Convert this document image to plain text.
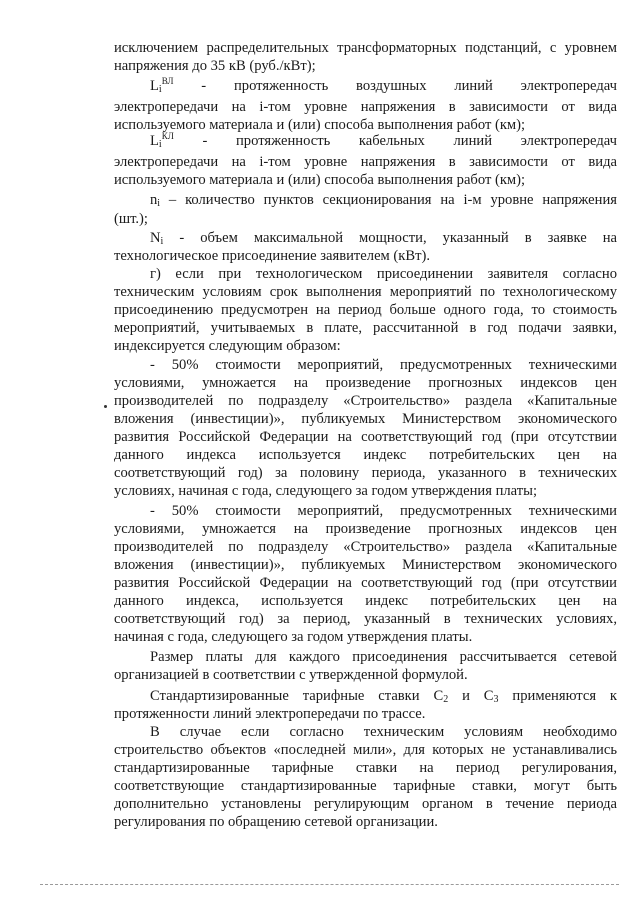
исключением распределительных трансформаторных подстанций, с уровнем
напряжения до 35 кВ (руб./кВт);
$Li^{ВЛ}$ - протяженность воздушных линий электропередач
электропередачи на i-том уровне напряжения в зависимости от вида
используемого материала и (или) способа выполнения работ (км);
$Li^{КЛ}$ - протяженность кабельных линий электропередач
электропередачи на i-том уровне напряжения в зависимости от вида
используемого материала и (или) способа выполнения работ (км);
ni – количество пунктов секционирования на i-м уровне напряжения
(шт.);
Ni - объем максимальной мощности, указанный в заявке на
технологическое присоединение заявителем (кВт).
г) если при технологическом присоединении заявителя согласно
техническим условиям срок выполнения мероприятий по технологическому
присоединению предусмотрен на период больше одного года, то стоимость
мероприятий, учитываемых в плате, рассчитанной в год подачи заявки,
индексируется следующим образом:
- 50% стоимости мероприятий, предусмотренных техническими
условиями, умножается на произведение прогнозных индексов цен
производителей по подразделу «Строительство» раздела «Капитальные
вложения (инвестиции)», публикуемых Министерством экономического
развития Российской Федерации на соответствующий год (при отсутствии
данного индекса используется индекс потребительских цен на
соответствующий год) за половину периода, указанного в технических
условиях, начиная с года, следующего за годом утверждения платы;
- 50% стоимости мероприятий, предусмотренных техническими
условиями, умножается на произведение прогнозных индексов цен
производителей по подразделу «Строительство» раздела «Капитальные
вложения (инвестиции)», публикуемых Министерством экономического
развития Российской Федерации на соответствующий год (при отсутствии
данного индекса, используется индекс потребительских цен на
соответствующий год) за период, указанный в технических условиях,
начиная с года, следующего за годом утверждения платы.
Размер платы для каждого присоединения рассчитывается сетевой
организацией в соответствии с утвержденной формулой.
Стандартизированные тарифные ставки С2 и С3 применяются к
протяженности линий электропередачи по трассе.
В случае если согласно техническим условиям необходимо
строительство объектов «последней мили», для которых не устанавливались
стандартизированные тарифные ставки на период регулирования,
соответствующие стандартизированные тарифные ставки, могут быть
дополнительно установлены регулирующим органом в течение периода
регулирования по обращению сетевой организации.
